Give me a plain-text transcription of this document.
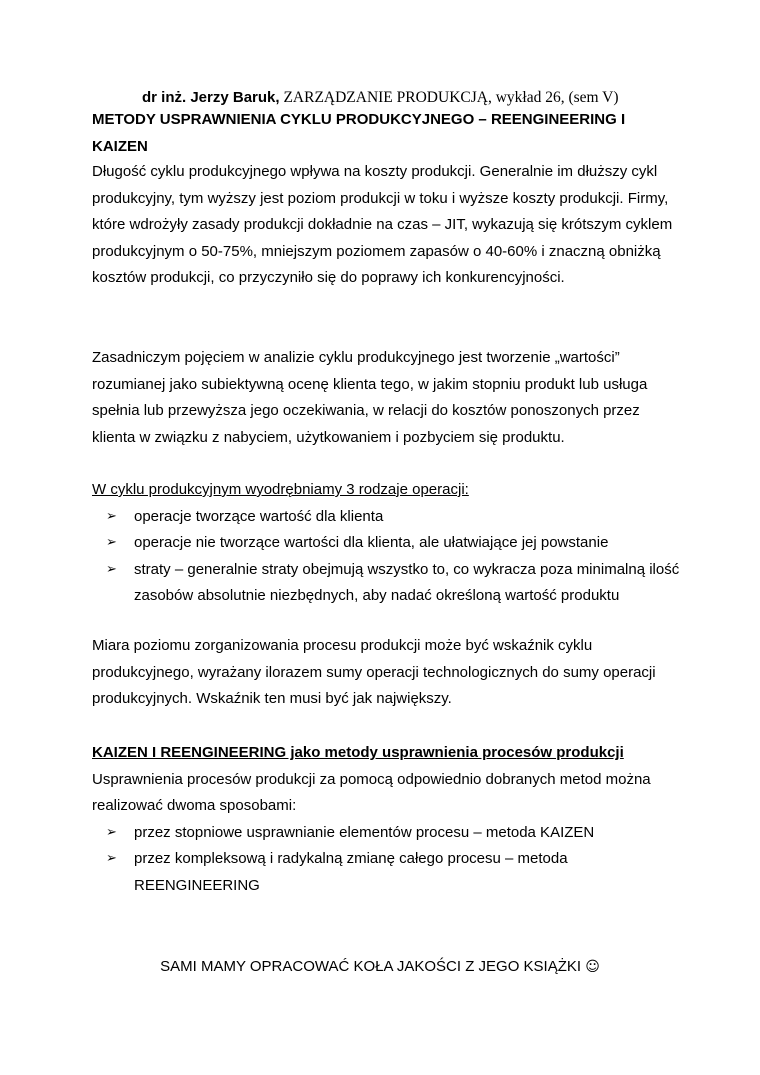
dr inż. Jerzy Baruk, ZARZĄDZANIE PRODUKCJĄ, wykład 26, (sem V)
METODY USPRAWNIENIA CYKLU PRODUKCYJNEGO – REENGINEERING I KAIZEN
Długość cyklu produkcyjnego wpływa na koszty produkcji. Generalnie im dłuższy cykl produkcyjny, tym wyższy jest poziom produkcji w toku i wyższe koszty produkcji. Firmy, które wdrożyły zasady produkcji dokładnie na czas – JIT, wykazują się krótszym cyklem produkcyjnym o 50-75%, mniejszym poziomem zapasów o 40-60% i znaczną obniżką kosztów produkcji, co przyczyniło się do poprawy ich konkurencyjności.
Zasadniczym pojęciem w analizie cyklu produkcyjnego jest tworzenie „wartości” rozumianej jako subiektywną ocenę klienta tego, w jakim stopniu produkt lub usługa spełnia lub przewyższa jego oczekiwania, w relacji do kosztów ponoszonych przez klienta w związku z nabyciem, użytkowaniem i pozbyciem się produktu.
W cyklu produkcyjnym wyodrębniamy 3 rodzaje operacji:
➢ operacje tworzące wartość dla klienta
➢ operacje nie tworzące wartości dla klienta, ale ułatwiające jej powstanie
➢ straty – generalnie straty obejmują wszystko to, co wykracza poza minimalną ilość zasobów absolutnie niezbędnych, aby nadać określoną wartość produktu
Miara poziomu zorganizowania procesu produkcji może być wskaźnik cyklu produkcyjnego, wyrażany ilorazem sumy operacji technologicznych do sumy operacji produkcyjnych. Wskaźnik ten musi być jak największy.
KAIZEN I REENGINEERING jako metody usprawnienia procesów produkcji
Usprawnienia procesów produkcji za pomocą odpowiednio dobranych metod można realizować dwoma sposobami:
➢ przez stopniowe usprawnianie elementów procesu – metoda KAIZEN
➢ przez kompleksową i radykalną zmianę całego procesu – metoda REENGINEERING
SAMI MAMY OPRACOWAĆ KOŁA JAKOŚCI Z JEGO KSIĄŻKI ☺
